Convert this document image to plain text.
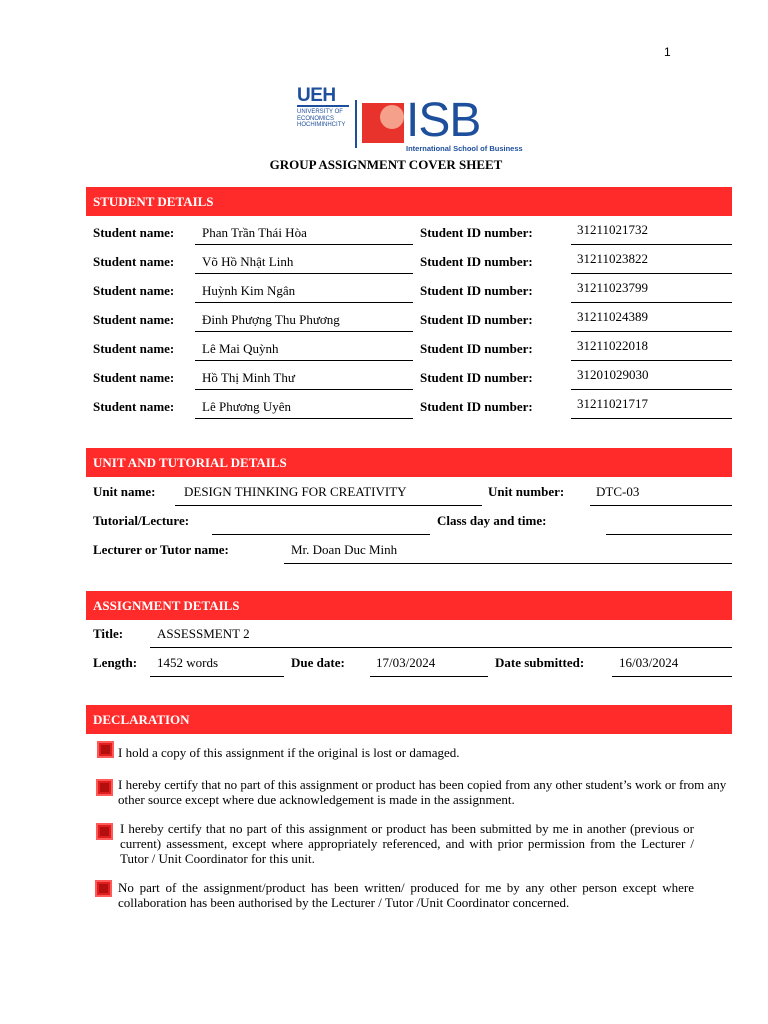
1
UEH
UNIVERSITY OF
ECONOMICS
HOCHIMINHCITY ISB
International School of Business
GROUP ASSIGNMENT COVER SHEET
STUDENT DETAILS
Student name: Phan Trần Thái Hòa	Student ID number:	31211021732
Student name: Võ Hồ Nhật Linh	Student ID number:	31211023822
Student name: Huỳnh Kim Ngân	Student ID number:	31211023799
Student name: Đinh Phượng Thu Phương	Student ID number:	31211024389
Student name: Lê Mai Quỳnh	Student ID number:	31211022018
Student name: Hồ Thị Minh Thư	Student ID number:	31201029030
Student name: Lê Phương Uyên	Student ID number:	31211021717
UNIT AND TUTORIAL DETAILS
Unit name: DESIGN THINKING FOR CREATIVITY	Unit number: DTC-03
Tutorial/Lecture:	Class day and time:
Lecturer or Tutor name:	Mr. Doan Duc Minh
ASSIGNMENT DETAILS
Title:	ASSESSMENT 2
Length: 1452 words	Due date: 17/03/2024	Date submitted:	16/03/2024
DECLARATION
I hold a copy of this assignment if the original is lost or damaged.
I hereby certify that no part of this assignment or product has been copied from any other student’s work or from any other source except where due acknowledgement is made in the assignment.
I hereby certify that no part of this assignment or product has been submitted by me in another (previous or current) assessment, except where appropriately referenced, and with prior permission from the Lecturer / Tutor / Unit Coordinator for this unit.
No part of the assignment/product has been written/ produced for me by any other person except where collaboration has been authorised by the Lecturer / Tutor /Unit Coordinator concerned.
